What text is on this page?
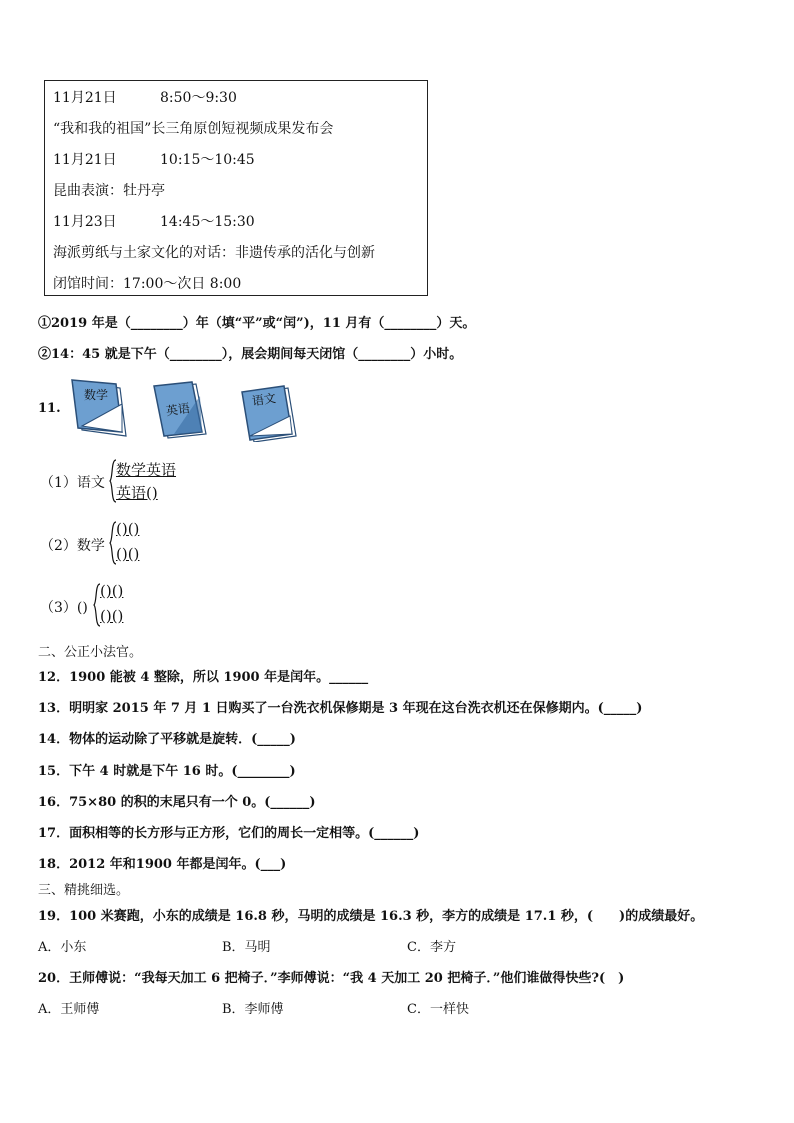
11月21日	8:50～9:30
“我和我的祖国”长三角原创短视频成果发布会
11月21日	10:15～10:45
昆曲表演：牡丹亭
11月23日	14:45～15:30
海派剪纸与土家文化的对话：非遗传承的活化与创新
闭馆时间：17:00～次日 8:00
①2019 年是（________）年（填“平”或“闰”)，11 月有（________）天。
②14：45 就是下午（________），展会期间每天闭馆（________）小时。
11.
数学
英语
语文
（1）语文
数学英语
英语()
（2）数学
()()
()()
（3）()
()()
()()
二、公正小法官。
12．1900 能被 4 整除，所以 1900 年是闰年。______
13．明明家 2015 年 7 月 1 日购买了一台洗衣机保修期是 3 年现在这台洗衣机还在保修期内。(_____)
14．物体的运动除了平移就是旋转．(_____)
15．下午 4 时就是下午 16 时。(________)
16．75×80 的积的末尾只有一个 0。(______)
17．面积相等的长方形与正方形，它们的周长一定相等。(______)
18．2012 年和1900 年都是闰年。(___)
三、精挑细选。
19．100 米赛跑，小东的成绩是 16.8 秒，马明的成绩是 16.3 秒，李方的成绩是 17.1 秒，(　　)的成绩最好。
A．小东	B．马明	C．李方
20．王师傅说：“我每天加工 6 把椅子．”李师傅说：“我 4 天加工 20 把椅子．”他们谁做得快些?(　)
A．王师傅	B．李师傅	C．一样快
